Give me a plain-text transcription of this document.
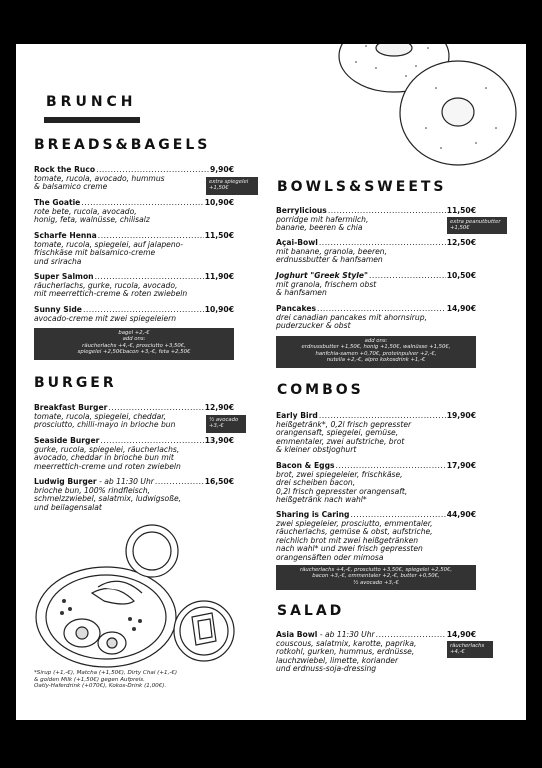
BRUNCH
BREADS&BAGELS
Rock the Ruco .....	9,90€
tomate, rucola, avocado, hummus
& balsamico creme
extra spiegelei
+1,50€
The Goatie .....	10,90€
rote bete, rucola, avocado,
honig, feta, walnüsse, chilisalz
Scharfe Henna .....	11,50€
tomate, rucola, spiegelei, auf jalapeno-
frischkäse mit balsamico-creme
und sriracha
Super Salmon .....	11,90€
räucherlachs, gurke, rucola, avocado,
mit meerrettich-creme & roten zwiebeln
Sunny Side .....	10,90€
avocado-creme mit zwei spiegeleiern
bagel +2,-€
add ons:
räucherlachs +4,-€, prosciutto +3,50€,
spiegelei +2,50€bacon +3,-€, feta +2,50€
BURGER
Breakfast Burger .....	12,90€
tomate, rucola, spiegelei, cheddar,
prosciutto, chilli-mayo in brioche bun
½ avocado
+3,-€
Seaside Burger .....	13,90€
gurke, rucola, spiegelei, räucherlachs,
avocado, cheddar in brioche bun mit
meerrettich-creme und roten zwiebeln
Ludwig Burger - ab 11:30 Uhr .....	16,50€
brioche bun, 100% rindfleisch,
schmelzzwiebel, salatmix, ludwigsoße,
und beilagensalat
*Sirup (+1,-€), Matcha (+1,50€), Dirty Chai (+1,-€)
& golden Milk (+1,50€) gegen Aufpreis.
Oatly-Haferdrink (+070€), Kokos-Drink (1,00€).
BOWLS&SWEETS
Berrylicious .....	11,50€
porridge mit hafermilch,
banane, beeren & chia
extra peanutbutter
+1,50€
Açai-Bowl .....	12,50€
mit banane, granola, beeren,
erdnussbutter & hanfsamen
Joghurt "Greek Style" .....	10,50€
mit granola, frischem obst
& hanfsamen
Pancakes .....	14,90€
drei canadian pancakes mit ahornsirup,
puderzucker & obst
add ons:
erdnussbutter +1,50€, honig +1,50€, walnüsse +1,50€,
hanfchia-samen +0,70€, proteinpulver +2,-€,
nutella +2,-€, alpro kokosdrink +1,-€
COMBOS
Early Bird .....	19,90€
heißgetränk*, 0,2l frisch gepresster
orangensaft, spiegelei, gemüse,
emmentaler, zwei aufstriche, brot
& kleiner obstjoghurt
Bacon & Eggs .....	17,90€
brot, zwei spiegeleier, frischkäse,
drei scheiben bacon,
0,2l frisch gepresster orangensaft,
heißgetränk nach wahl*
Sharing is Caring .....	44,90€
zwei spiegeleier, prosciutto, emmentaler,
räucherlachs, gemüse & obst, aufstriche,
reichlich brot mit zwei heißgetränken
nach wahl* und zwei frisch gepressten
orangensäften oder mimosa
räucherlachs +4,-€, prosciutto +3,50€, spiegelei +2,50€,
bacon +3,-€, emmentaler +2,-€, butter +0,50€,
½ avocado +3,-€
SALAD
Asia Bowl - ab 11:30 Uhr .....	14,90€
couscous, salatmix, karotte, paprika,
rotkohl, gurken, hummus, erdnüsse,
lauchzwiebel, limette, koriander
und erdnuss-soja-dressing
räucherlachs
+4,-€
